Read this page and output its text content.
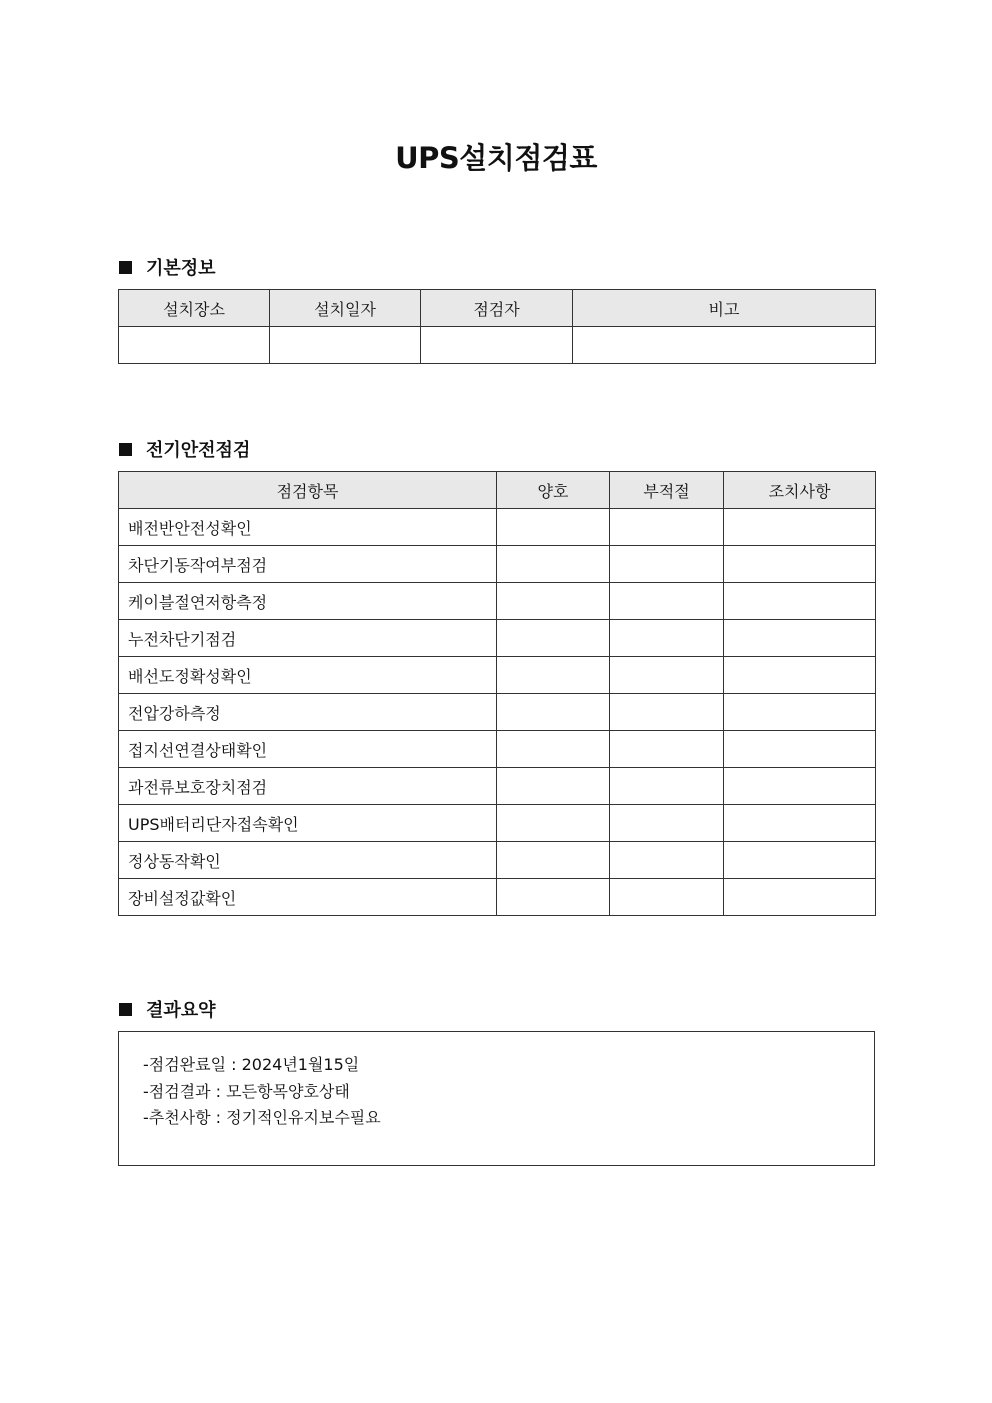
UPS설치점검표
기본정보
설치장소	설치일자	점검자	비고

전기안전점검
점검항목	양호	부적절	조치사항
배전반안전성확인			
차단기동작여부점검			
케이블절연저항측정			
누전차단기점검			
배선도정확성확인			
전압강하측정			
접지선연결상태확인			
과전류보호장치점검			
UPS배터리단자접속확인			
정상동작확인			
장비설정값확인			
결과요약
-점검완료일 : 2024년1월15일
-점검결과 : 모든항목양호상태
-추천사항 : 정기적인유지보수필요
